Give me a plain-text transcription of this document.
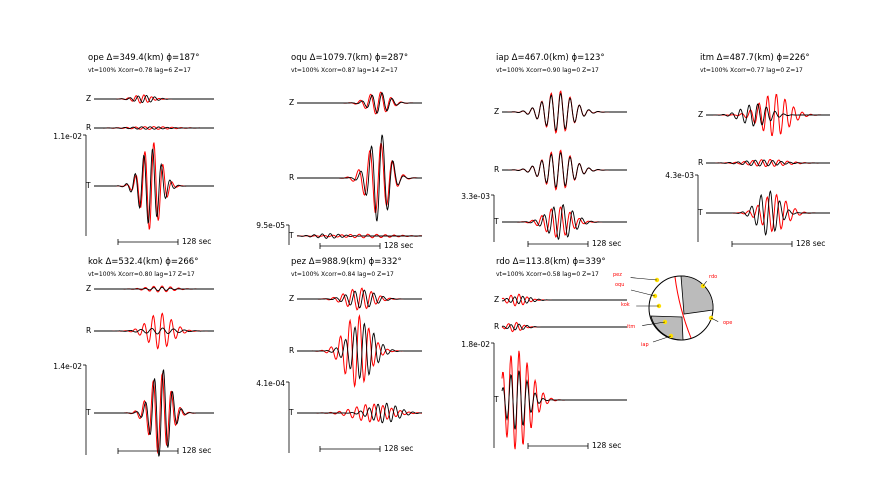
ope Δ=349.4(km) ϕ=187°
vt=100% Xcorr=0.78 lag=6 Z=17
Z
R
T
1.1e-02
128 sec
oqu Δ=1079.7(km) ϕ=287°
vt=100% Xcorr=0.87 lag=14 Z=17
Z
R
T
9.5e-05
128 sec
iap Δ=467.0(km) ϕ=123°
vt=100% Xcorr=0.90 lag=0 Z=17
Z
R
T
3.3e-03
128 sec
itm Δ=487.7(km) ϕ=226°
vt=100% Xcorr=0.77 lag=0 Z=17
Z
R
T
4.3e-03
128 sec
kok Δ=532.4(km) ϕ=266°
vt=100% Xcorr=0.80 lag=17 Z=17
Z
R
T
1.4e-02
128 sec
pez Δ=988.9(km) ϕ=332°
vt=100% Xcorr=0.84 lag=0 Z=17
Z
R
T
4.1e-04
128 sec
rdo Δ=113.8(km) ϕ=339°
vt=100% Xcorr=0.58 lag=0 Z=17
Z
R
T
1.8e-02
128 sec
pez
oqu
kok
itm
ope
iap
rdo
